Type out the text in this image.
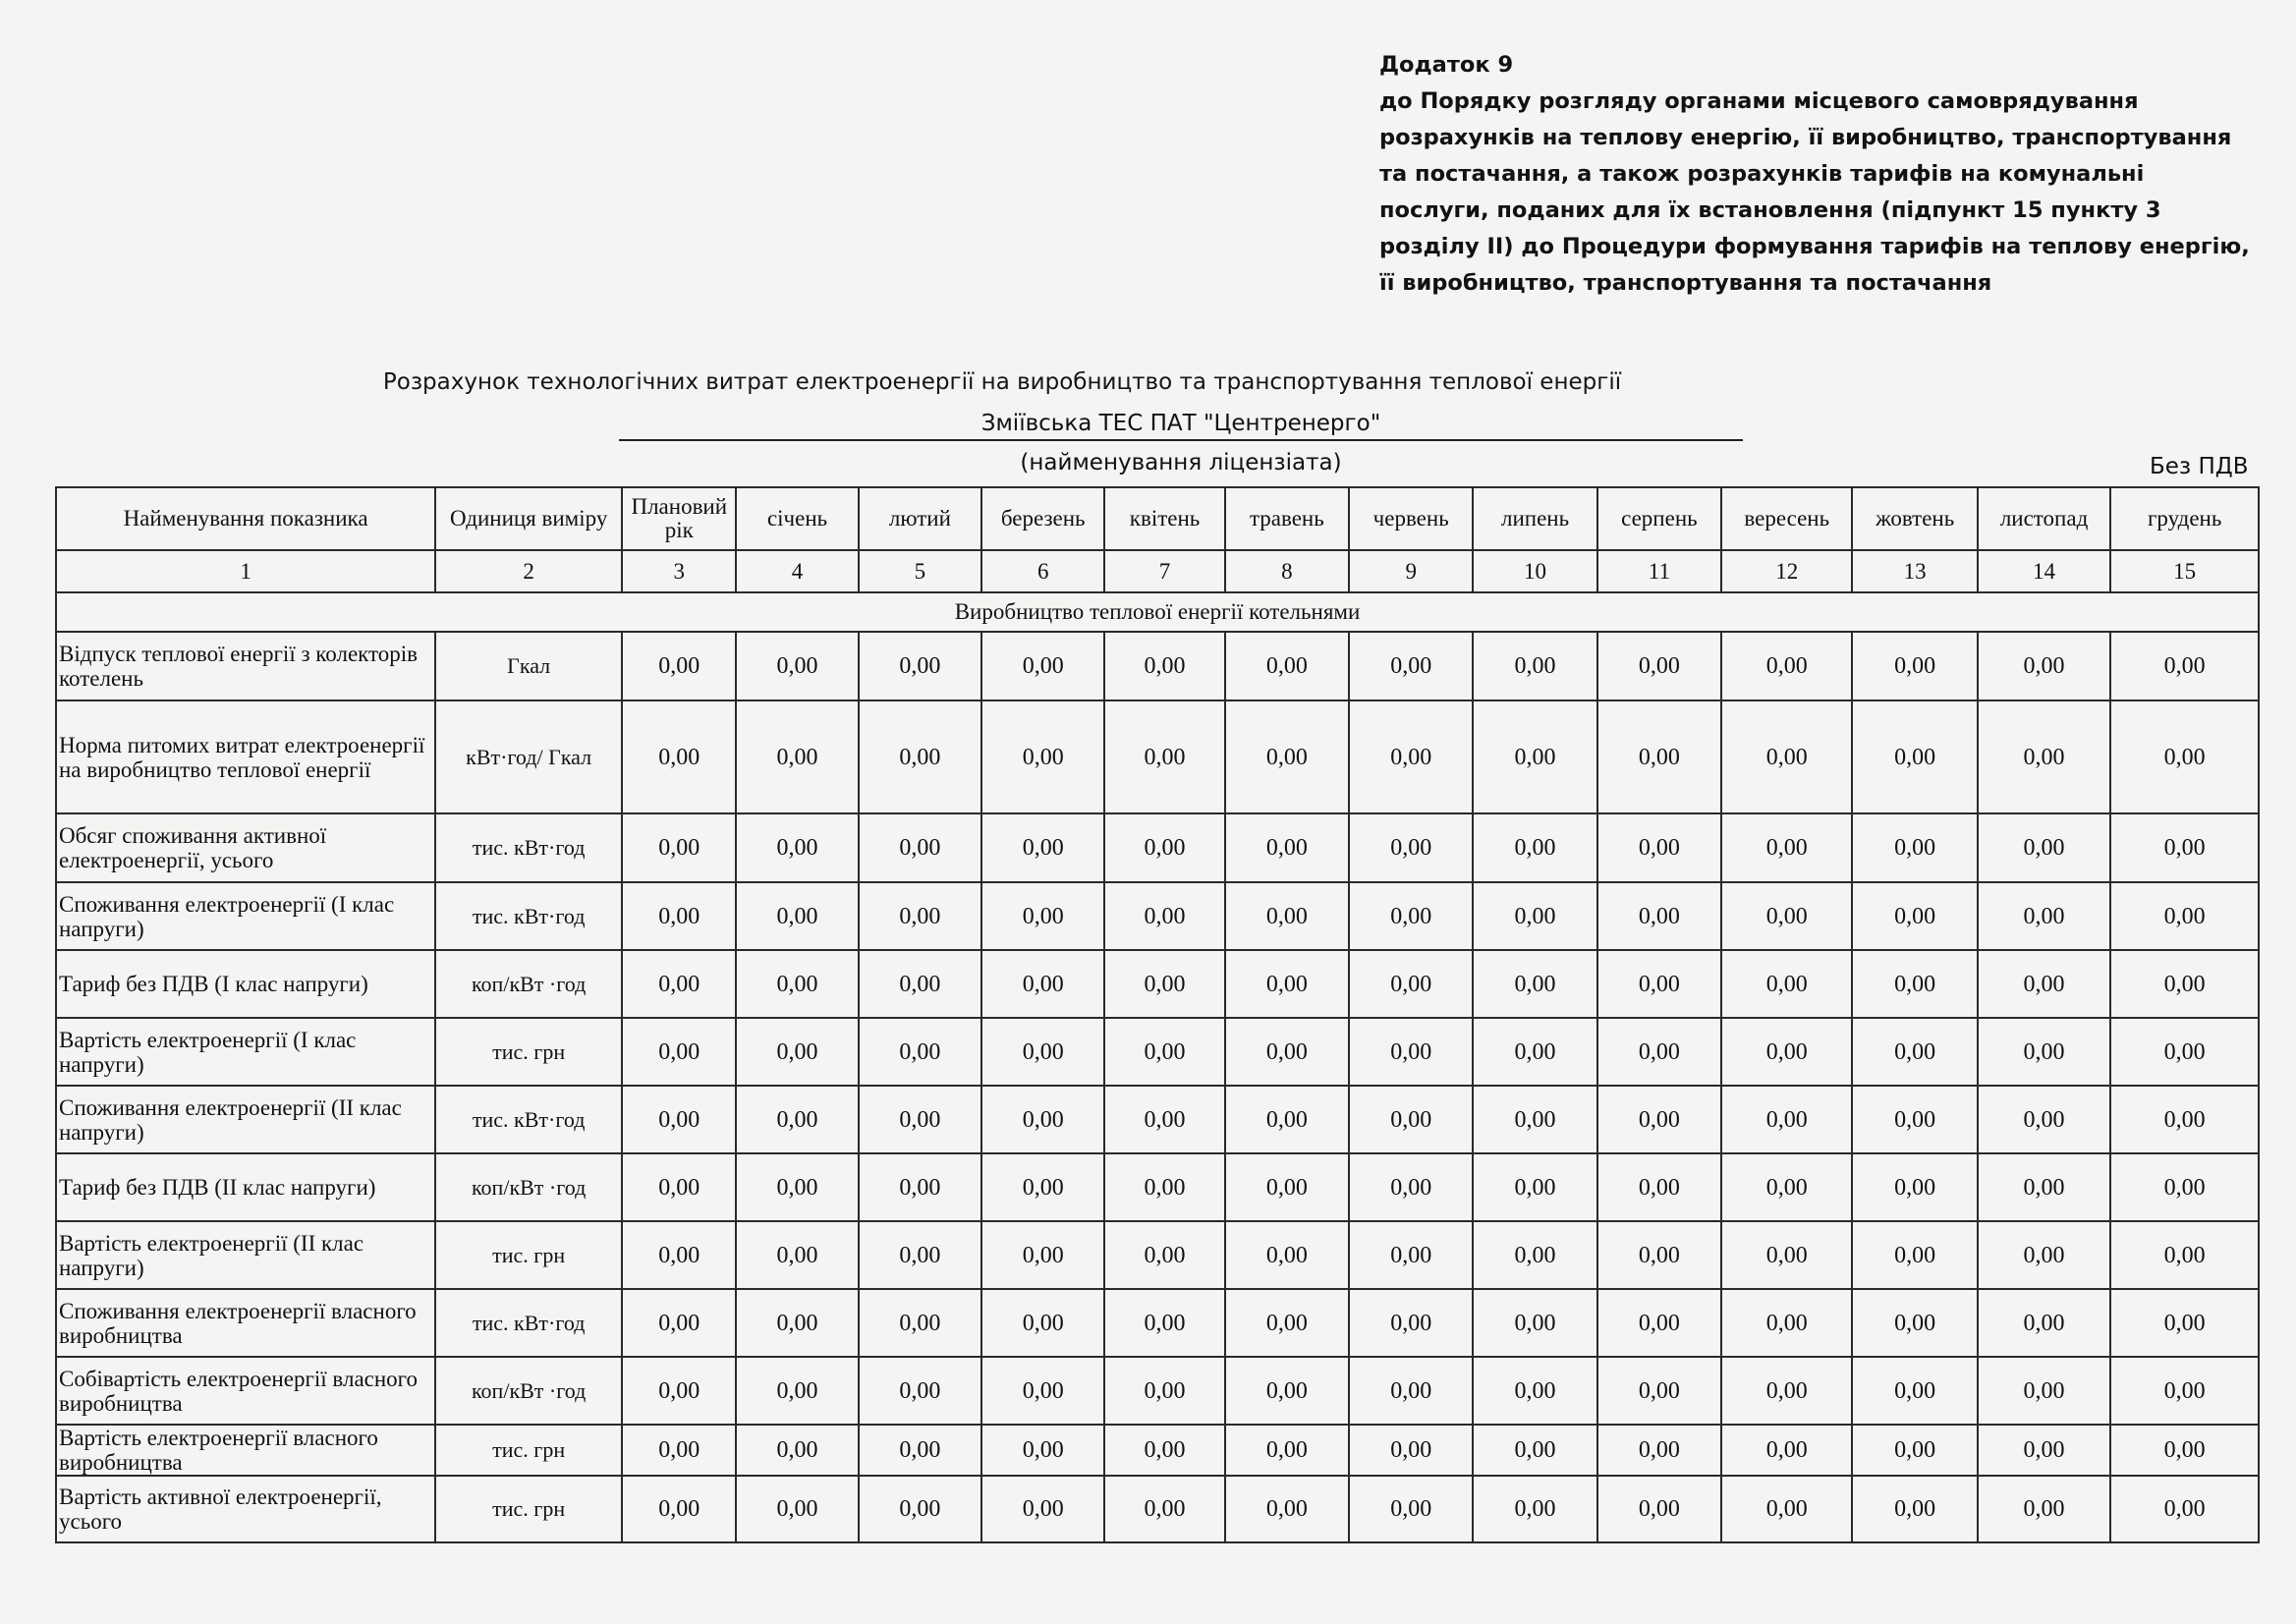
Додаток 9
до Порядку розгляду органами місцевого самоврядування
розрахунків на теплову енергію, її виробництво, транспортування
та постачання, а також розрахунків тарифів на комунальні
послуги, поданих для їх встановлення (підпункт 15 пункту 3
розділу II) до Процедури формування тарифів на теплову енергію,
її виробництво, транспортування та постачання
Розрахунок технологічних витрат електроенергії на виробництво та транспортування теплової енергії
Зміївська ТЕС ПАТ "Центренерго"
(найменування ліцензіата)	Без ПДВ
Найменування показника	Одиниця виміру	Плановий рік	січень	лютий	березень	квітень	травень	червень	липень	серпень	вересень	жовтень	листопад	грудень
1	2	3	4	5	6	7	8	9	10	11	12	13	14	15
Виробництво теплової енергії котельнями														
Відпуск теплової енергії з колекторів котелень	Гкал	0,00	0,00	0,00	0,00	0,00	0,00	0,00	0,00	0,00	0,00	0,00	0,00	0,00
Норма питомих витрат електроенергії на виробництво теплової енергії	кВт·год/ Гкал	0,00	0,00	0,00	0,00	0,00	0,00	0,00	0,00	0,00	0,00	0,00	0,00	0,00
Обсяг споживання активної електроенергії, усього	тис. кВт·год	0,00	0,00	0,00	0,00	0,00	0,00	0,00	0,00	0,00	0,00	0,00	0,00	0,00
Споживання електроенергії (І клас напруги)	тис. кВт·год	0,00	0,00	0,00	0,00	0,00	0,00	0,00	0,00	0,00	0,00	0,00	0,00	0,00
Тариф без ПДВ (І клас напруги)	коп/кВт ·год	0,00	0,00	0,00	0,00	0,00	0,00	0,00	0,00	0,00	0,00	0,00	0,00	0,00
Вартість електроенергії (І клас напруги)	тис. грн	0,00	0,00	0,00	0,00	0,00	0,00	0,00	0,00	0,00	0,00	0,00	0,00	0,00
Споживання електроенергії (ІІ клас напруги)	тис. кВт·год	0,00	0,00	0,00	0,00	0,00	0,00	0,00	0,00	0,00	0,00	0,00	0,00	0,00
Тариф без ПДВ (ІІ клас напруги)	коп/кВт ·год	0,00	0,00	0,00	0,00	0,00	0,00	0,00	0,00	0,00	0,00	0,00	0,00	0,00
Вартість електроенергії (ІІ клас напруги)	тис. грн	0,00	0,00	0,00	0,00	0,00	0,00	0,00	0,00	0,00	0,00	0,00	0,00	0,00
Споживання електроенергії власного виробництва	тис. кВт·год	0,00	0,00	0,00	0,00	0,00	0,00	0,00	0,00	0,00	0,00	0,00	0,00	0,00
Собівартість електроенергії власного виробництва	коп/кВт ·год	0,00	0,00	0,00	0,00	0,00	0,00	0,00	0,00	0,00	0,00	0,00	0,00	0,00
Вартість електроенергії власного виробництва	тис. грн	0,00	0,00	0,00	0,00	0,00	0,00	0,00	0,00	0,00	0,00	0,00	0,00	0,00
Вартість активної електроенергії, усього	тис. грн	0,00	0,00	0,00	0,00	0,00	0,00	0,00	0,00	0,00	0,00	0,00	0,00	0,00
